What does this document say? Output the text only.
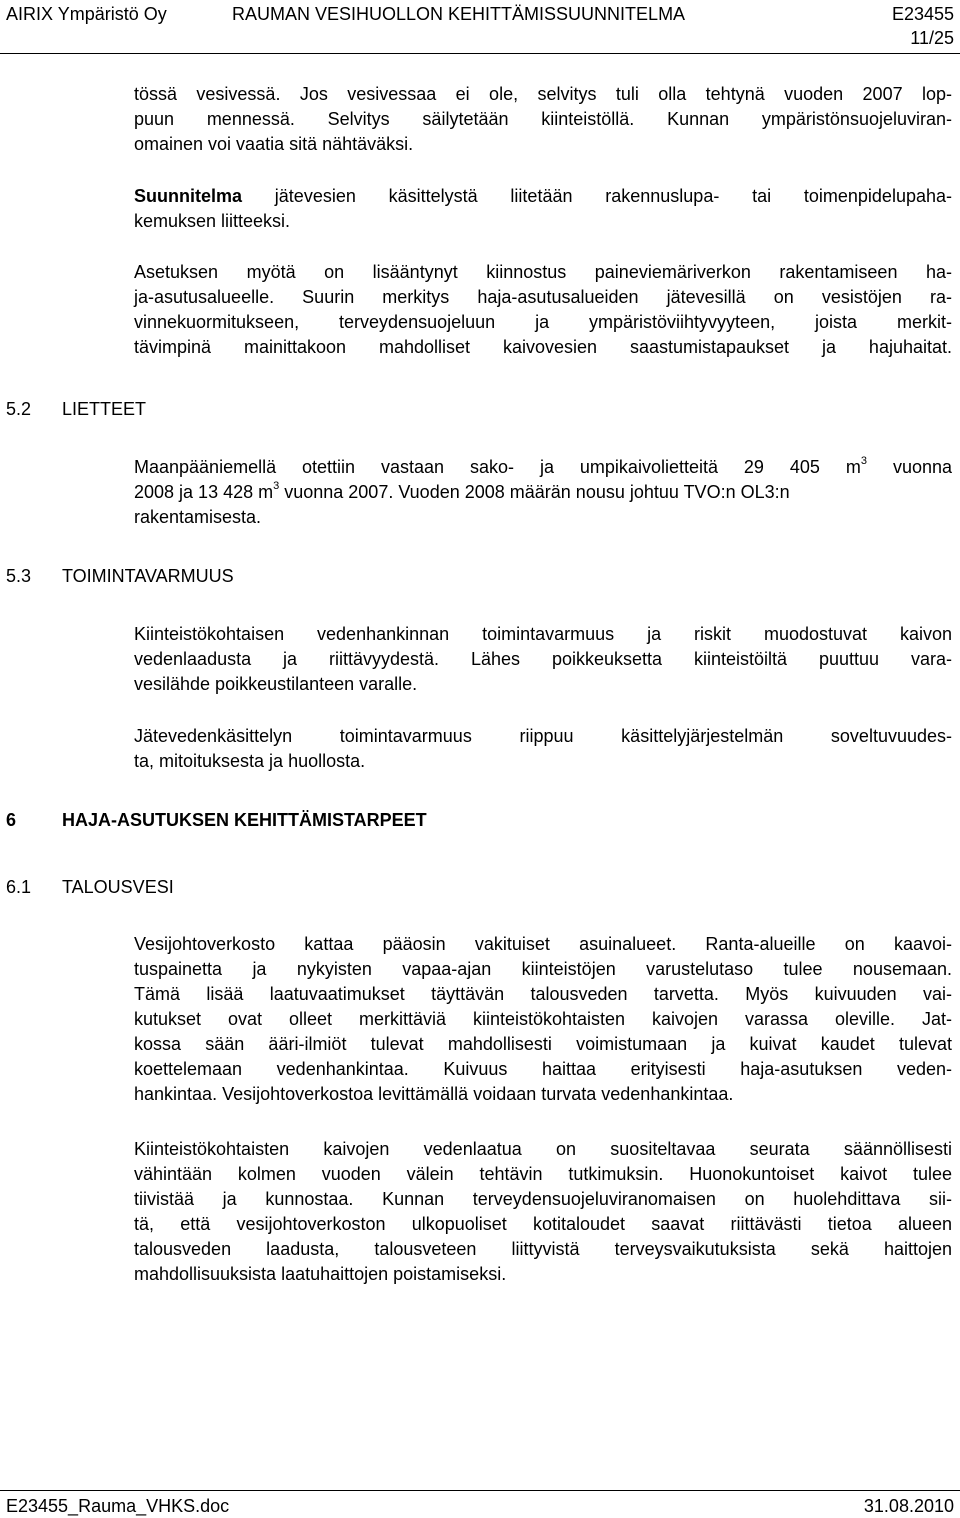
AIRIX Ympäristö Oy	RAUMAN VESIHUOLLON KEHITTÄMISSUUNNITELMA	E23455
11/25
tössä vesivessä. Jos vesivessaa ei ole, selvitys tuli olla tehtynä vuoden 2007 lop-
puun mennessä. Selvitys säilytetään kiinteistöllä. Kunnan ympäristönsuojeluviran-
omainen voi vaatia sitä nähtäväksi.
Suunnitelma jätevesien käsittelystä liitetään rakennuslupa- tai toimenpidelupaha-
kemuksen liitteeksi.
Asetuksen myötä on lisääntynyt kiinnostus paineviemäriverkon rakentamiseen ha-
ja-asutusalueelle. Suurin merkitys haja-asutusalueiden jätevesillä on vesistöjen ra-
vinnekuormitukseen, terveydensuojeluun ja ympäristöviihtyvyyteen, joista merkit-
tävimpinä mainittakoon mahdolliset kaivovesien saastumistapaukset ja hajuhaitat.
5.2 LIETTEET
Maanpääniemellä otettiin vastaan sako- ja umpikaivolietteitä 29 405 $m^3$ vuonna
2008 ja 13 428 $m^3$ vuonna 2007. Vuoden 2008 määrän nousu johtuu TVO:n OL3:n
rakentamisesta.
5.3 TOIMINTAVARMUUS
Kiinteistökohtaisen vedenhankinnan toimintavarmuus ja riskit muodostuvat kaivon
vedenlaadusta ja riittävyydestä. Lähes poikkeuksetta kiinteistöiltä puuttuu vara-
vesilähde poikkeustilanteen varalle.
Jätevedenkäsittelyn toimintavarmuus riippuu käsittelyjärjestelmän soveltuvuudes-
ta, mitoituksesta ja huollosta.
6	HAJA-ASUTUKSEN KEHITTÄMISTARPEET
6.1 TALOUSVESI
Vesijohtoverkosto kattaa pääosin vakituiset asuinalueet. Ranta-alueille on kaavoi-
tuspainetta ja nykyisten vapaa-ajan kiinteistöjen varustelutaso tulee nousemaan.
Tämä lisää laatuvaatimukset täyttävän talousveden tarvetta. Myös kuivuuden vai-
kutukset ovat olleet merkittäviä kiinteistökohtaisten kaivojen varassa oleville. Jat-
kossa sään ääri-ilmiöt tulevat mahdollisesti voimistumaan ja kuivat kaudet tulevat
koettelemaan vedenhankintaa. Kuivuus haittaa erityisesti haja-asutuksen veden-
hankintaa. Vesijohtoverkostoa levittämällä voidaan turvata vedenhankintaa.
Kiinteistökohtaisten kaivojen vedenlaatua on suositeltavaa seurata säännöllisesti
vähintään kolmen vuoden välein tehtävin tutkimuksin. Huonokuntoiset kaivot tulee
tiivistää ja kunnostaa. Kunnan terveydensuojeluviranomaisen on huolehdittava sii-
tä, että vesijohtoverkoston ulkopuoliset kotitaloudet saavat riittävästi tietoa alueen
talousveden laadusta, talousveteen liittyvistä terveysvaikutuksista sekä haittojen
mahdollisuuksista laatuhaittojen poistamiseksi.
E23455_Rauma_VHKS.doc	31.08.2010
